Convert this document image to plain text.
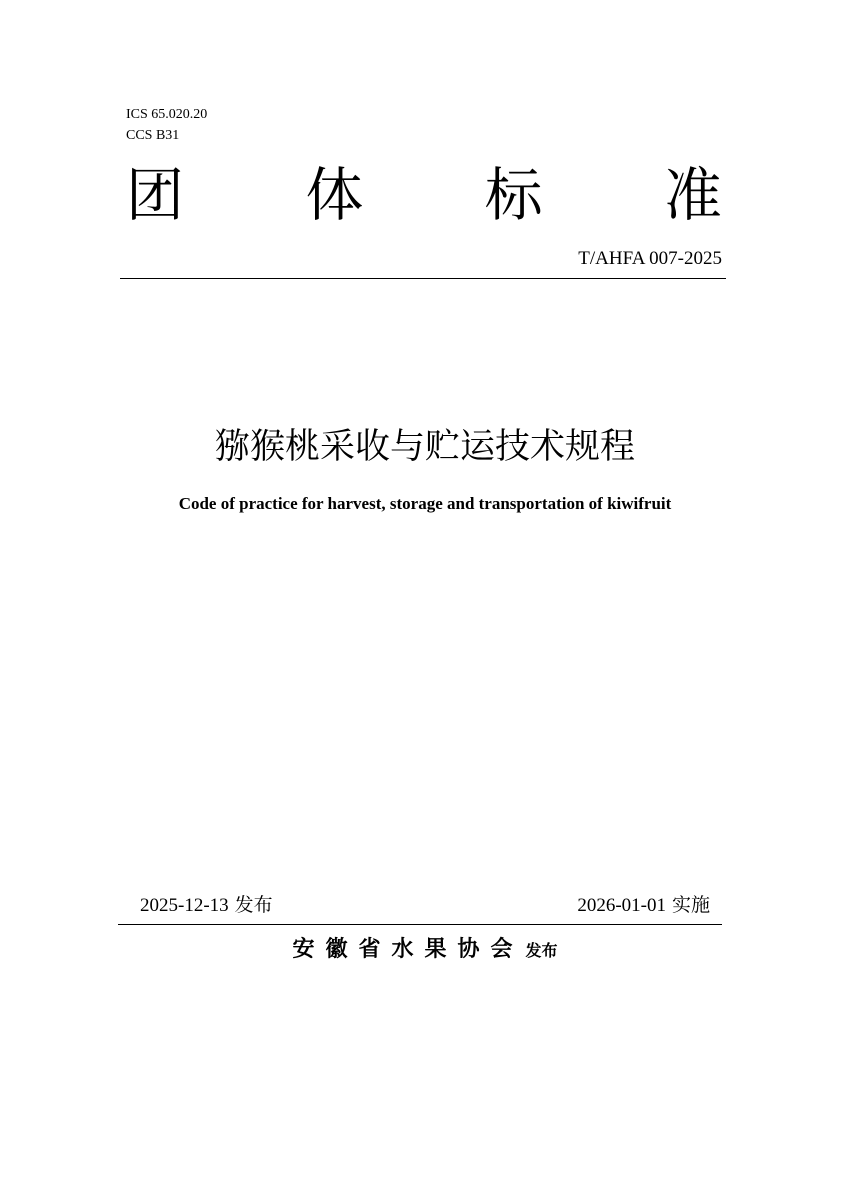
ICS 65.020.20
CCS B31
团 体 标 准
T/AHFA 007-2025
猕猴桃采收与贮运技术规程
Code of practice for harvest, storage and transportation of kiwifruit
2025-12-13 发布	2026-01-01 实施
安徽省水果协会 发布
